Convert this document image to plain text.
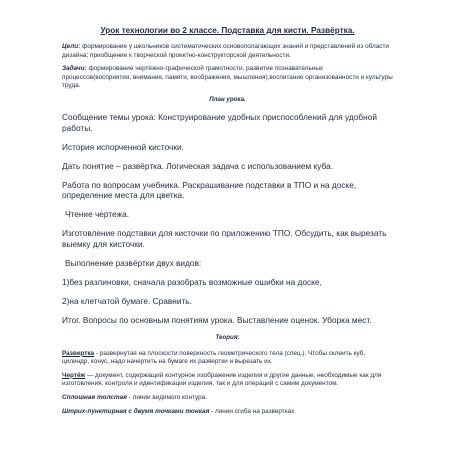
Урок технологии во 2 классе. Подставка для кисти. Развёртка.

Цели: формирование у школьников систематических основополагающих знаний и представлений из области дизайна; приобщение к творческой проектно-конструкторской деятельности.

Задачи: формирование чертёжно-графической грамотности, развитие познавательных процессов(восприятия, внимания, памяти, воображения, мышления),воспитание организованности и культуры труда.

План урока.

Сообщение темы урока: Конструирование удобных приспособлений для удобной работы.

История испорченной кисточки.

Дать понятие – развёртка. Логическая задача с использованием куба.

Работа по вопросам учебника. Раскрашивание подставки в ТПО и на доске, определение места для цветка.

Чтение чертежа.

Изготовление подставки для кисточки по приложению ТПО. Обсудить, как вырезать выемку для кисточки.

Выполнение развёртки двух видов:

1)без разлиновки, сначала разобрать возможные ошибки на доске,

2)на клетчатой бумаге. Сравнить.

Итог. Вопросы по основным понятиям урока. Выставление оценок. Уборка мест.

Теория:

Развертка - развернутая на плоскости поверхность геометрического тела (спец.). Чтобы склеить куб, цилиндр, конус, надо начертить на бумаге их развертки и вырезать их.

Чертёж — документ, содержащий контурное изображение изделия и другие данные, необходимые как для изготовления, контроля и идентификации изделия, так и для операций с самим документом.

Сплошная толстая - линии видимого контура.

Штрих-пунктирная с двумя точками тонкая - линии сгиба на развертках
